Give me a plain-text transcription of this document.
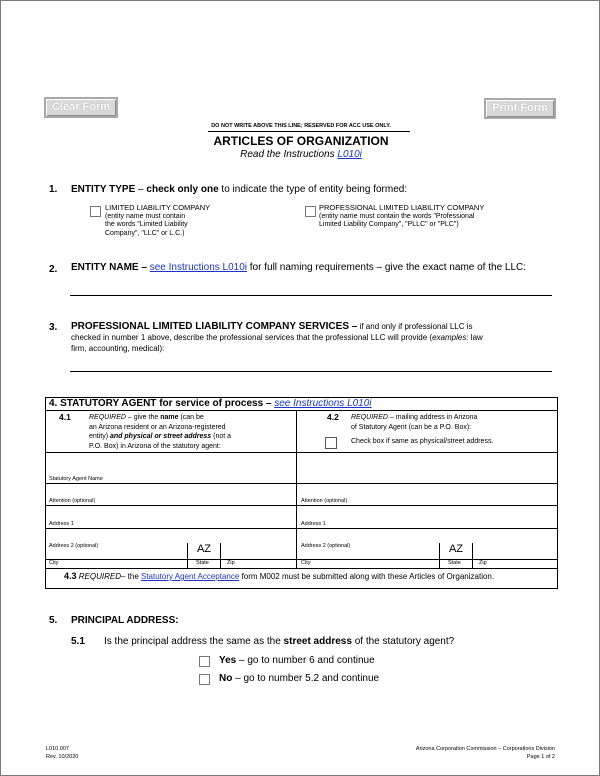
Clear Form	Print Form
DO NOT WRITE ABOVE THIS LINE; RESERVED FOR ACC USE ONLY.
ARTICLES OF ORGANIZATION
Read the Instructions L010i
1. ENTITY TYPE – check only one to indicate the type of entity being formed:
LIMITED LIABILITY COMPANY
(entity name must contain
the words "Limited Liability
Company", "LLC" or L.C.)
PROFESSIONAL LIMITED LIABILITY COMPANY
(entity name must contain the words "Professional
Limited Liability Company", "PLLC" or "PLC")
2. ENTITY NAME – see Instructions L010i for full naming requirements – give the exact name of the LLC:
3. PROFESSIONAL LIMITED LIABILITY COMPANY SERVICES – if and only if professional LLC is
checked in number 1 above, describe the professional services that the professional LLC will provide (examples: law
firm, accounting, medical):
4. STATUTORY AGENT for service of process – see Instructions L010i
4.1	REQUIRED – give the name (can be
an Arizona resident or an Arizona-registered
entity) and physical or street address (not a
P.O. Box) in Arizona of the statutory agent:
4.2 REQUIRED – mailing address in Arizona
of Statutory Agent (can be a P.O. Box):
Check box if same as physical/street address.
Statutory Agent Name
Attention (optional)
Address 1
Address 2 (optional)	AZ
City	State	Zip
Attention (optional)
Address 1
Address 2 (optional)	AZ
City	State	Zip
4.3 REQUIRED– the Statutory Agent Acceptance form M002 must be submitted along with these Articles of Organization.
5. PRINCIPAL ADDRESS:
5.1 Is the principal address the same as the street address of the statutory agent?
Yes – go to number 6 and continue
No – go to number 5.2 and continue
L010.007
Rev. 10/2020
Arizona Corporation Commission – Corporations Division
Page 1 of 2
